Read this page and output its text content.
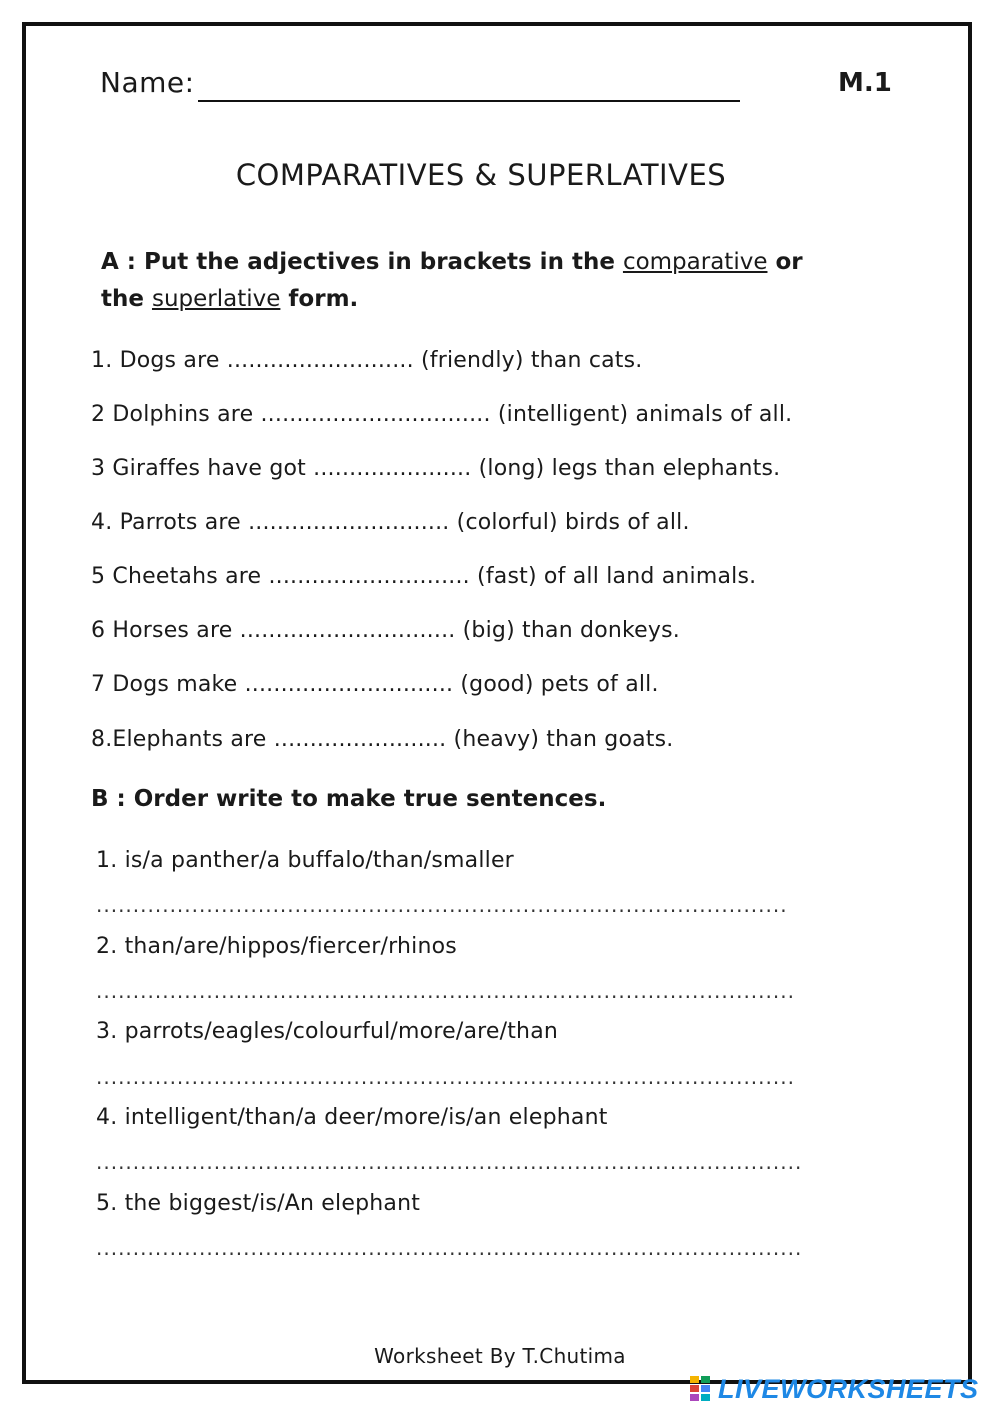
Name:	M.1
COMPARATIVES & SUPERLATIVES
A : Put the adjectives in brackets in the comparative or
the superlative form.
1. Dogs are .......................... (friendly) than cats.
2 Dolphins are ................................ (intelligent) animals of all.
3 Giraffes have got ...................... (long) legs than elephants.
4. Parrots are ............................ (colorful) birds of all.
5 Cheetahs are ............................ (fast) of all land animals.
6 Horses are .............................. (big) than donkeys.
7 Dogs make ............................. (good) pets of all.
8.Elephants are ........................ (heavy) than goats.
B : Order write to make true sentences.
1. is/a panther/a buffalo/than/smaller
..............................................................................................
2. than/are/hippos/fiercer/rhinos
...............................................................................................
3. parrots/eagles/colourful/more/are/than
...............................................................................................
4. intelligent/than/a deer/more/is/an elephant
................................................................................................
5. the biggest/is/An elephant
................................................................................................
Worksheet By T.Chutima
LIVEWORKSHEETS
